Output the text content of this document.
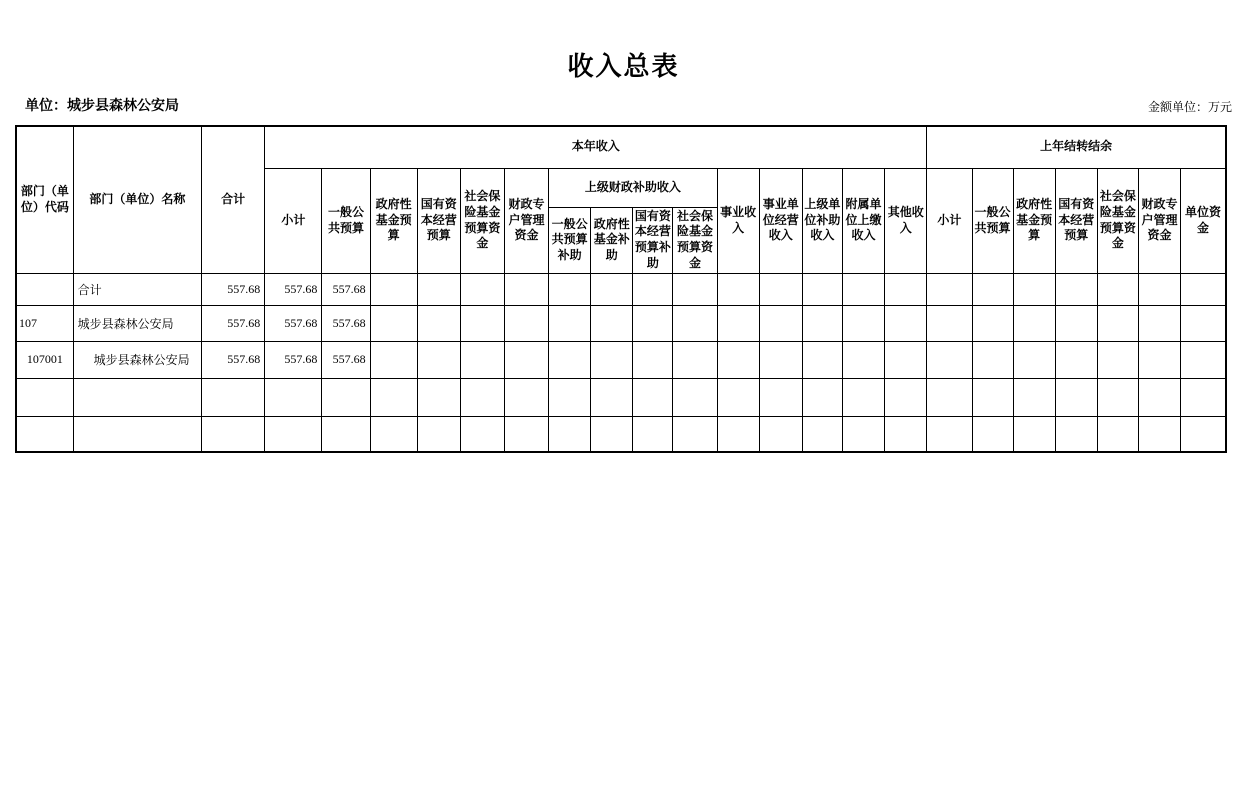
收入总表
单位：城步县森林公安局	金额单位：万元
部门（单位）代码	部门（单位）名称	合计	本年收入															上年结转结余						
			小计	一般公共预算	政府性基金预算	国有资本经营预算	社会保险基金预算资金	财政专户管理资金	上级财政补助收入				事业收入	事业单位经营收入	上级单位补助收入	附属单位上缴收入	其他收入	小计	一般公共预算	政府性基金预算	国有资本经营预算	社会保险基金预算资金	财政专户管理资金	单位资金
									一般公共预算补助	政府性基金补助	国有资本经营预算补助	社会保险基金预算资金												
	合计	557.68	557.68	557.68																				
107	城步县森林公安局	557.68	557.68	557.68																				
107001	城步县森林公安局	557.68	557.68	557.68																				
